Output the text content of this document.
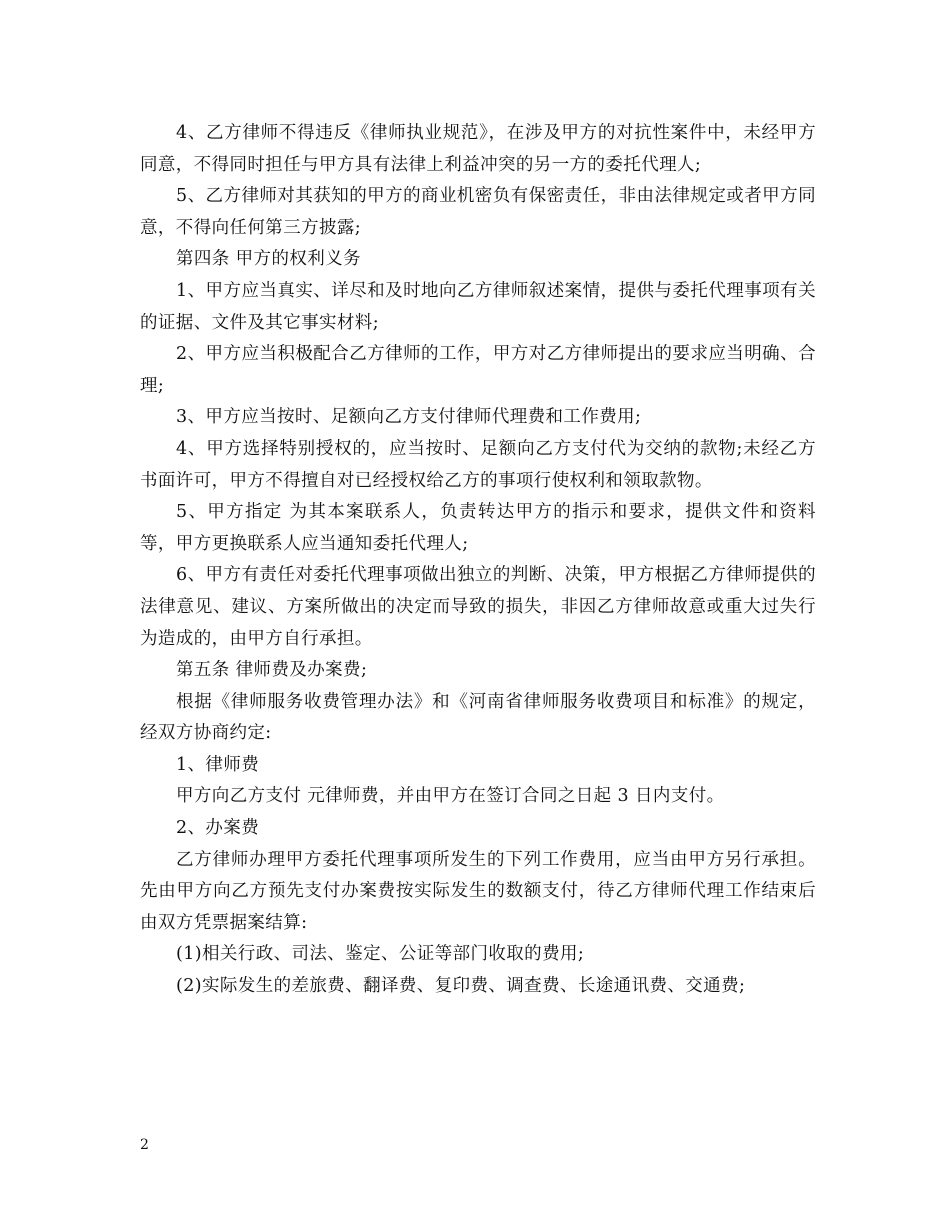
4、乙方律师不得违反《律师执业规范》，在涉及甲方的对抗性案件中，未经甲方同意，不得同时担任与甲方具有法律上利益冲突的另一方的委托代理人;

5、乙方律师对其获知的甲方的商业机密负有保密责任，非由法律规定或者甲方同意，不得向任何第三方披露;

第四条 甲方的权利义务

1、甲方应当真实、详尽和及时地向乙方律师叙述案情，提供与委托代理事项有关的证据、文件及其它事实材料;

2、甲方应当积极配合乙方律师的工作，甲方对乙方律师提出的要求应当明确、合理;

3、甲方应当按时、足额向乙方支付律师代理费和工作费用;

4、甲方选择特别授权的，应当按时、足额向乙方支付代为交纳的款物;未经乙方书面许可，甲方不得擅自对已经授权给乙方的事项行使权利和领取款物。

5、甲方指定 为其本案联系人，负责转达甲方的指示和要求，提供文件和资料等，甲方更换联系人应当通知委托代理人;

6、甲方有责任对委托代理事项做出独立的判断、决策，甲方根据乙方律师提供的法律意见、建议、方案所做出的决定而导致的损失，非因乙方律师故意或重大过失行为造成的，由甲方自行承担。

第五条 律师费及办案费;

根据《律师服务收费管理办法》和《河南省律师服务收费项目和标准》的规定，经双方协商约定:

1、律师费

甲方向乙方支付 元律师费，并由甲方在签订合同之日起 3 日内支付。

2、办案费

乙方律师办理甲方委托代理事项所发生的下列工作费用，应当由甲方另行承担。先由甲方向乙方预先支付办案费按实际发生的数额支付，待乙方律师代理工作结束后由双方凭票据案结算:

(1)相关行政、司法、鉴定、公证等部门收取的费用;

(2)实际发生的差旅费、翻译费、复印费、调查费、长途通讯费、交通费;

2
